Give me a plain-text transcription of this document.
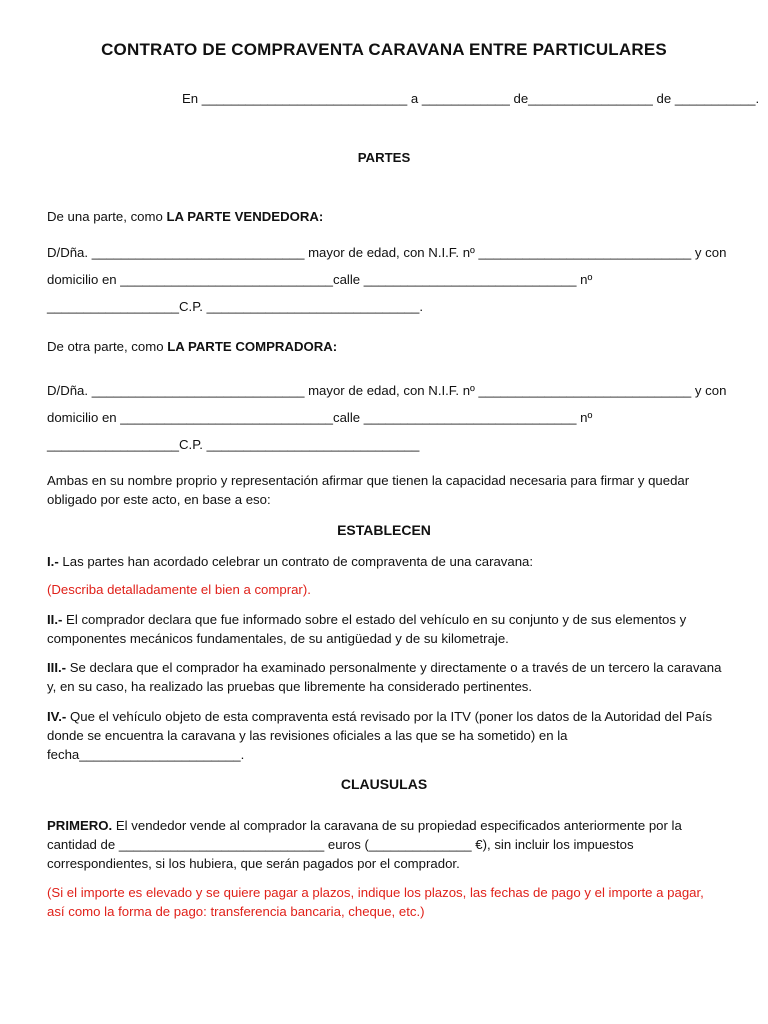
CONTRATO DE COMPRAVENTA CARAVANA ENTRE PARTICULARES
En ____________________________ a ____________ de_________________ de ___________.
PARTES
De una parte, como LA PARTE VENDEDORA:
D/Dña. _____________________________ mayor de edad, con N.I.F. nº _____________________________ y con
domicilio en _____________________________calle _____________________________ nº
__________________C.P. _____________________________.
De otra parte, como LA PARTE COMPRADORA:
D/Dña. _____________________________ mayor de edad, con N.I.F. nº _____________________________ y con
domicilio en _____________________________calle _____________________________ nº
__________________C.P. _____________________________
Ambas en su nombre proprio y representación afirmar que tienen la capacidad necesaria para firmar y quedar obligado por este acto, en base a eso:
ESTABLECEN
I.- Las partes han acordado celebrar un contrato de compraventa de una caravana:
(Describa detalladamente el bien a comprar).
II.- El comprador declara que fue informado sobre el estado del vehículo en su conjunto y de sus elementos y componentes mecánicos fundamentales, de su antigüedad y de su kilometraje.
III.- Se declara que el comprador ha examinado personalmente y directamente o a través de un tercero la caravana y, en su caso, ha realizado las pruebas que libremente ha considerado pertinentes.
IV.- Que el vehículo objeto de esta compraventa está revisado por la ITV (poner los datos de la Autoridad del País donde se encuentra la caravana y las revisiones oficiales a las que se ha sometido) en la fecha______________________.
CLAUSULAS
PRIMERO. El vendedor vende al comprador la caravana de su propiedad especificados anteriormente por la cantidad de ____________________________ euros (______________ €), sin incluir los impuestos correspondientes, si los hubiera, que serán pagados por el comprador.
(Si el importe es elevado y se quiere pagar a plazos, indique los plazos, las fechas de pago y el importe a pagar, así como la forma de pago: transferencia bancaria, cheque, etc.)
